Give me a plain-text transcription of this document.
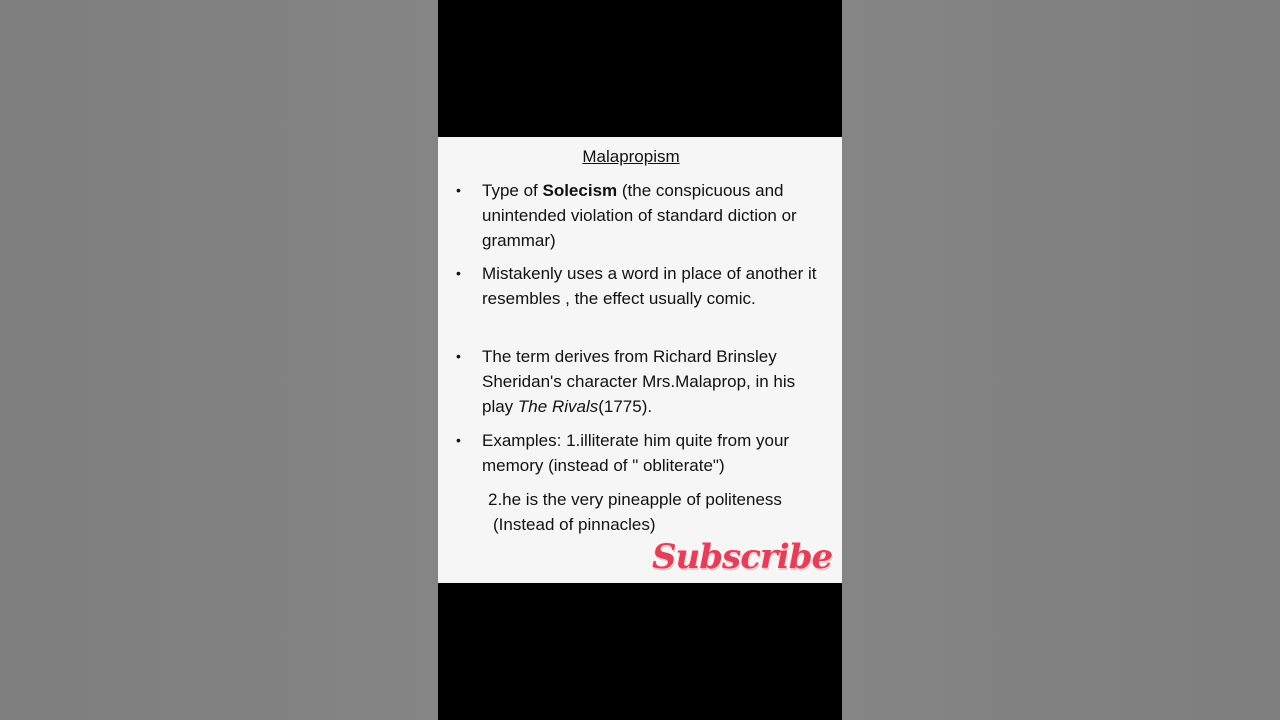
Malapropism
• Type of Solecism (the conspicuous and unintended violation of standard diction or grammar)
• Mistakenly uses a word in place of another it resembles , the effect usually comic.
• The term derives from Richard Brinsley Sheridan's character Mrs.Malaprop, in his play The Rivals(1775).
• Examples: 1.illiterate him quite from your memory (instead of " obliterate")
2.he is the very pineapple of politeness
(Instead of pinnacles)
Subscribe
